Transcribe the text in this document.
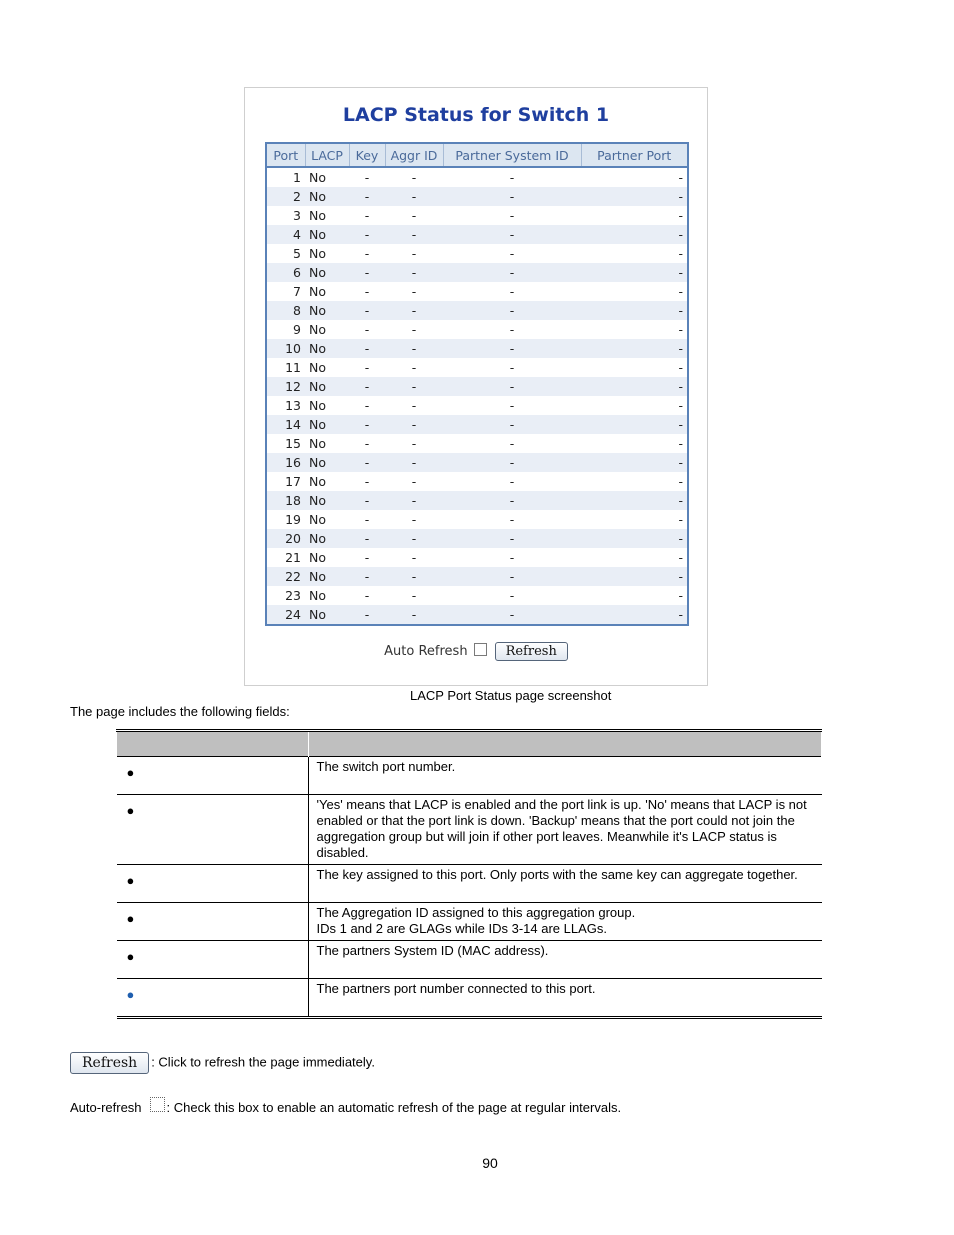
LACP Status for Switch 1
Port	LACP	Key	Aggr ID	Partner System ID	Partner Port
1	No	-	-	-	-
2	No	-	-	-	-
3	No	-	-	-	-
4	No	-	-	-	-
5	No	-	-	-	-
6	No	-	-	-	-
7	No	-	-	-	-
8	No	-	-	-	-
9	No	-	-	-	-
10	No	-	-	-	-
11	No	-	-	-	-
12	No	-	-	-	-
13	No	-	-	-	-
14	No	-	-	-	-
15	No	-	-	-	-
16	No	-	-	-	-
17	No	-	-	-	-
18	No	-	-	-	-
19	No	-	-	-	-
20	No	-	-	-	-
21	No	-	-	-	-
22	No	-	-	-	-
23	No	-	-	-	-
24	No	-	-	-	-
Auto Refresh	Refresh
LACP Port Status page screenshot
The page includes the following fields:

●	The switch port number.
●	'Yes' means that LACP is enabled and the port link is up. 'No' means that LACP is not enabled or that the port link is down. 'Backup' means that the port could not join the aggregation group but will join if other port leaves. Meanwhile it's LACP status is disabled.
●	The key assigned to this port. Only ports with the same key can aggregate together.
●	The Aggregation ID assigned to this aggregation group.
IDs 1 and 2 are GLAGs while IDs 3-14 are LLAGs.
●	The partners System ID (MAC address).
●	The partners port number connected to this port.
Refresh : Click to refresh the page immediately.
Auto-refresh : Check this box to enable an automatic refresh of the page at regular intervals.
90
